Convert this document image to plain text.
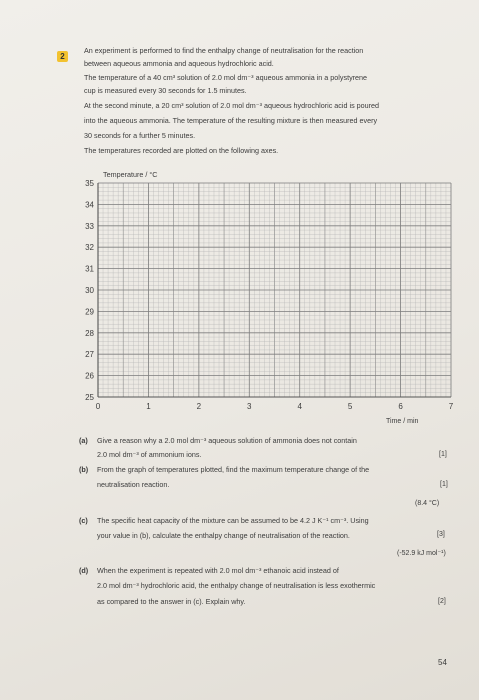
2
An experiment is performed to find the enthalpy change of neutralisation for the reaction
between aqueous ammonia and aqueous hydrochloric acid.
The temperature of a 40 cm³ solution of 2.0 mol dm⁻³ aqueous ammonia in a polystyrene
cup is measured every 30 seconds for 1.5 minutes.
At the second minute, a 20 cm³ solution of 2.0 mol dm⁻³ aqueous hydrochloric acid is poured
into the aqueous ammonia. The temperature of the resulting mixture is then measured every
30 seconds for a further 5 minutes.
The temperatures recorded are plotted on the following axes.
35
34
33
32
31
30
29
28
27
26
25
0	1	2	3	4	5	6	7
Temperature / °C
Time / min
(a) Give a reason why a 2.0 mol dm⁻³ aqueous solution of ammonia does not contain
2.0 mol dm⁻³ of ammonium ions.	[1]
(b) From the graph of temperatures plotted, find the maximum temperature change of the
neutralisation reaction.	[1]
(8.4 °C)
(c) The specific heat capacity of the mixture can be assumed to be 4.2 J K⁻¹ cm⁻³. Using
your value in (b), calculate the enthalpy change of neutralisation of the reaction.	[3]
(-52.9 kJ mol⁻¹)
(d) When the experiment is repeated with 2.0 mol dm⁻³ ethanoic acid instead of
2.0 mol dm⁻³ hydrochloric acid, the enthalpy change of neutralisation is less exothermic
as compared to the answer in (c). Explain why.	[2]
54
